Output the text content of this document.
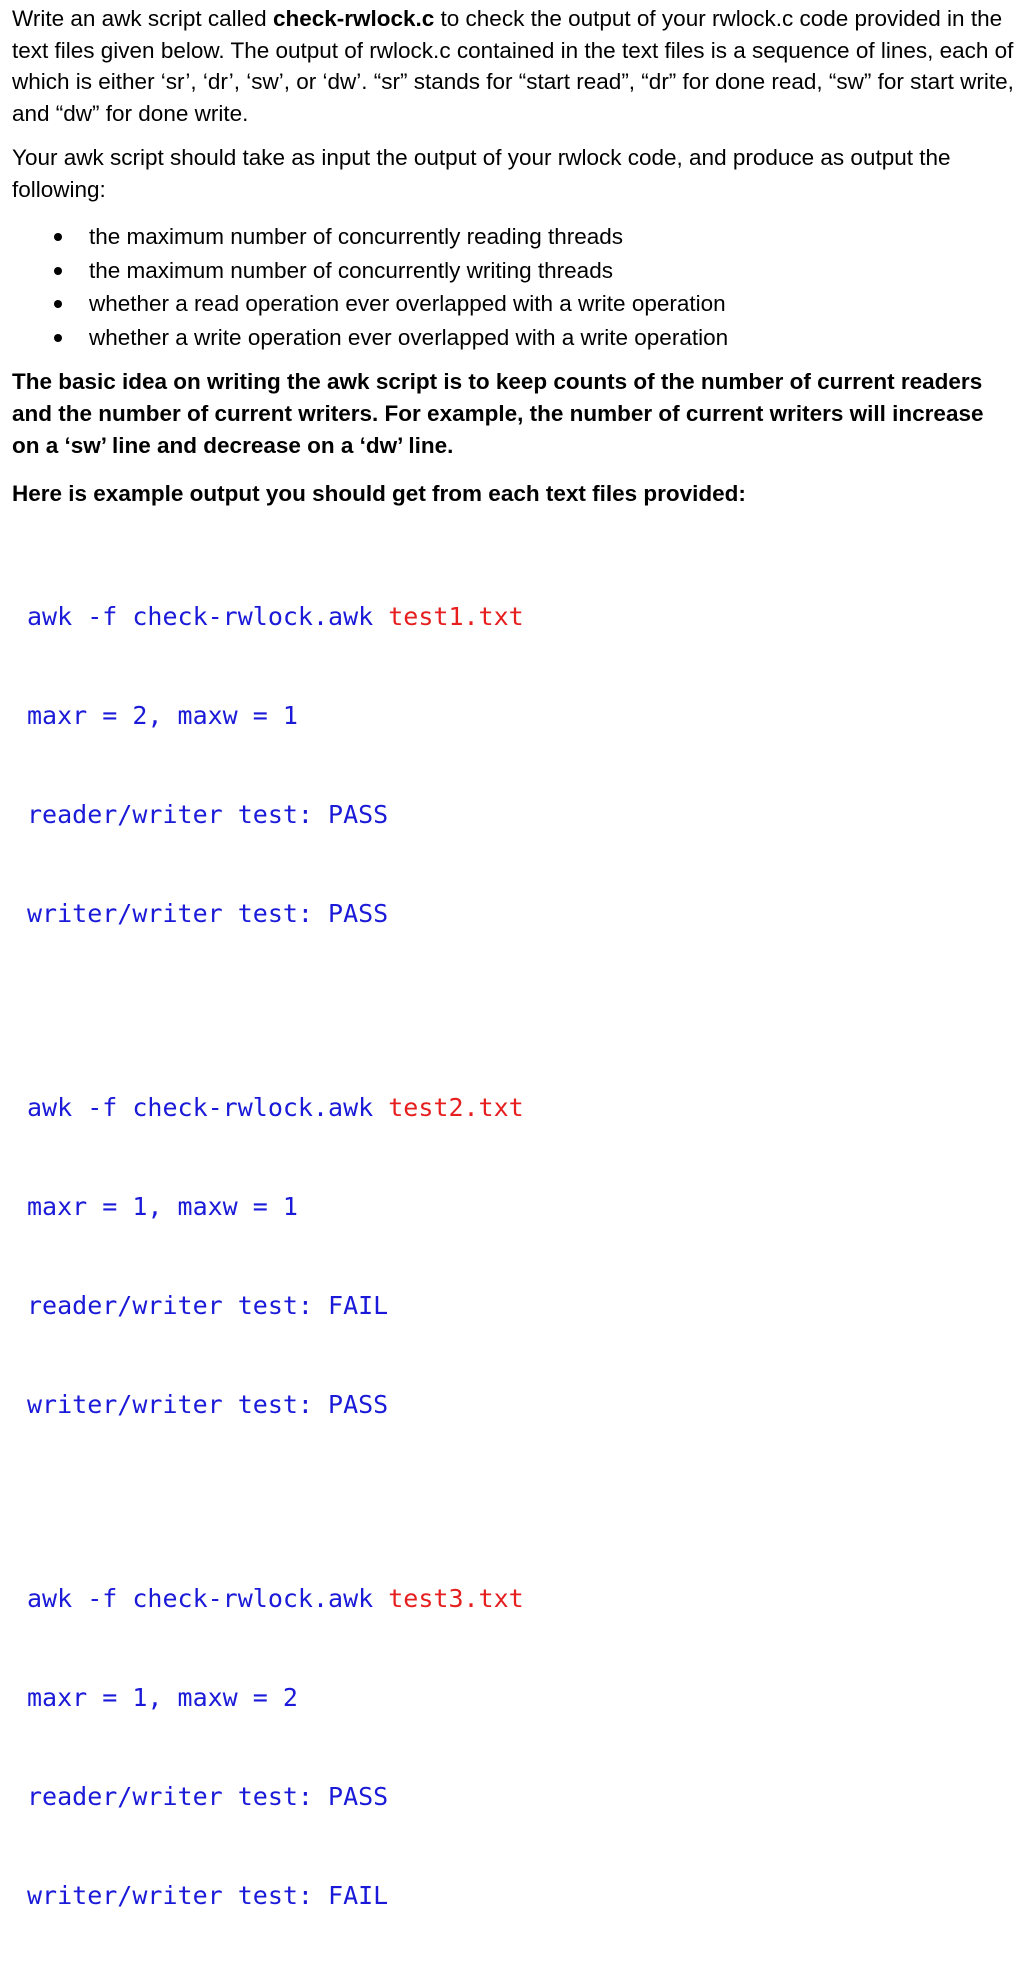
Write an awk script called check-rwlock.c to check the output of your rwlock.c code provided in the text files given below. The output of rwlock.c contained in the text files is a sequence of lines, each of which is either ‘sr’, ‘dr’, ‘sw’, or ‘dw’. “sr” stands for “start read”, “dr” for done read, “sw” for start write, and “dw” for done write.

Your awk script should take as input the output of your rwlock code, and produce as output the following:

the maximum number of concurrently reading threads
the maximum number of concurrently writing threads
whether a read operation ever overlapped with a write operation
whether a write operation ever overlapped with a write operation

The basic idea on writing the awk script is to keep counts of the number of current readers and the number of current writers. For example, the number of current writers will increase on a ‘sw’ line and decrease on a ‘dw’ line.

Here is example output you should get from each text files provided:

awk -f check-rwlock.awk test1.txt

maxr = 2, maxw = 1

reader/writer test: PASS

writer/writer test: PASS

awk -f check-rwlock.awk test2.txt

maxr = 1, maxw = 1

reader/writer test: FAIL

writer/writer test: PASS

awk -f check-rwlock.awk test3.txt

maxr = 1, maxw = 2

reader/writer test: PASS

writer/writer test: FAIL
